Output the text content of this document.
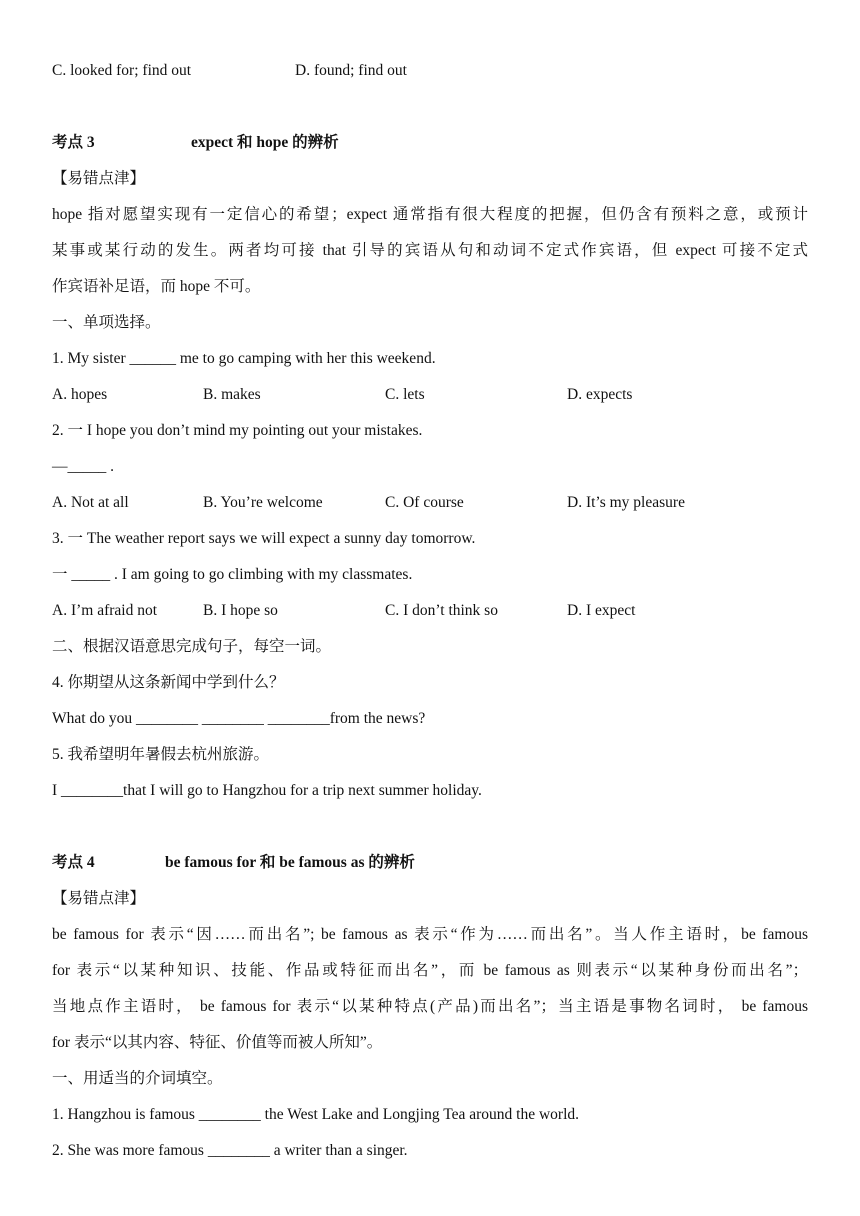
C. looked for; find out	D. found; find out
考点 3	expect 和 hope 的辨析
【易错点津】
hope 指对愿望实现有一定信心的希望；expect 通常指有很大程度的把握，但仍含有预料之意，或预计
某事或某行动的发生。两者均可接 that 引导的宾语从句和动词不定式作宾语，但 expect 可接不定式
作宾语补足语，而 hope 不可。
一、单项选择。
1. My sister ______ me to go camping with her this weekend.
A. hopes	B. makes	C. lets	D. expects
2. 一 I hope you don’t mind my pointing out your mistakes.
—_____ .
A. Not at all	B. You’re welcome	C. Of course	D. It’s my pleasure
3. 一 The weather report says we will expect a sunny day tomorrow.
一 _____ . I am going to go climbing with my classmates.
A. I’m afraid not	B. I hope so	C. I don’t think so	D. I expect
二、根据汉语意思完成句子，每空一词。
4. 你期望从这条新闻中学到什么？
What do you ________ ________ ________from the news?
5. 我希望明年暑假去杭州旅游。
I ________that I will go to Hangzhou for a trip next summer holiday.
考点 4	be famous for 和 be famous as 的辨析
【易错点津】
be famous for 表示“因……而出名”; be famous as 表示“作为……而出名”。当人作主语时，be famous
for 表示“以某种知识、技能、作品或特征而出名”，而 be famous as 则表示“以某种身份而出名”；
当地点作主语时， be famous for 表示“以某种特点(产品)而出名”；当主语是事物名词时， be famous
for 表示“以其内容、特征、价值等而被人所知”。
一、用适当的介词填空。
1. Hangzhou is famous ________ the West Lake and Longjing Tea around the world.
2. She was more famous ________ a writer than a singer.
